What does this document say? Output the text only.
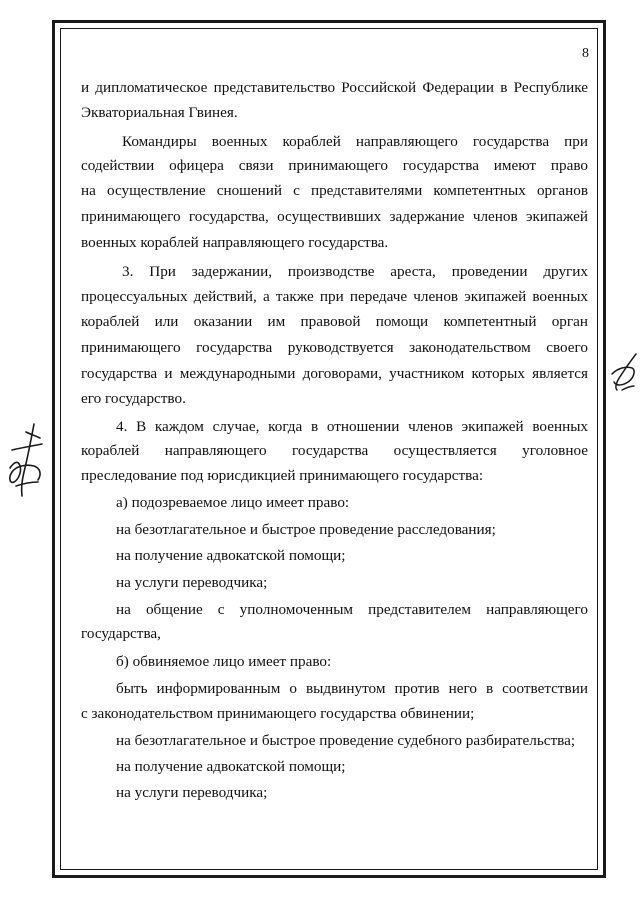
8
и дипломатическое представительство Российской Федерации в Республике
Экваториальная Гвинея.
Командиры военных кораблей направляющего государства при
содействии офицера связи принимающего государства имеют право
на осуществление сношений с представителями компетентных органов
принимающего государства, осуществивших задержание членов экипажей
военных кораблей направляющего государства.
3. При задержании, производстве ареста, проведении других
процессуальных действий, а также при передаче членов экипажей военных
кораблей или оказании им правовой помощи компетентный орган
принимающего государства руководствуется законодательством своего
государства и международными договорами, участником которых является
его государство.
4. В каждом случае, когда в отношении членов экипажей военных
кораблей направляющего государства осуществляется уголовное
преследование под юрисдикцией принимающего государства:
а) подозреваемое лицо имеет право:
на безотлагательное и быстрое проведение расследования;
на получение адвокатской помощи;
на услуги переводчика;
на общение с уполномоченным представителем направляющего
государства,
б) обвиняемое лицо имеет право:
быть информированным о выдвинутом против него в соответствии
с законодательством принимающего государства обвинении;
на безотлагательное и быстрое проведение судебного разбирательства;
на получение адвокатской помощи;
на услуги переводчика;
